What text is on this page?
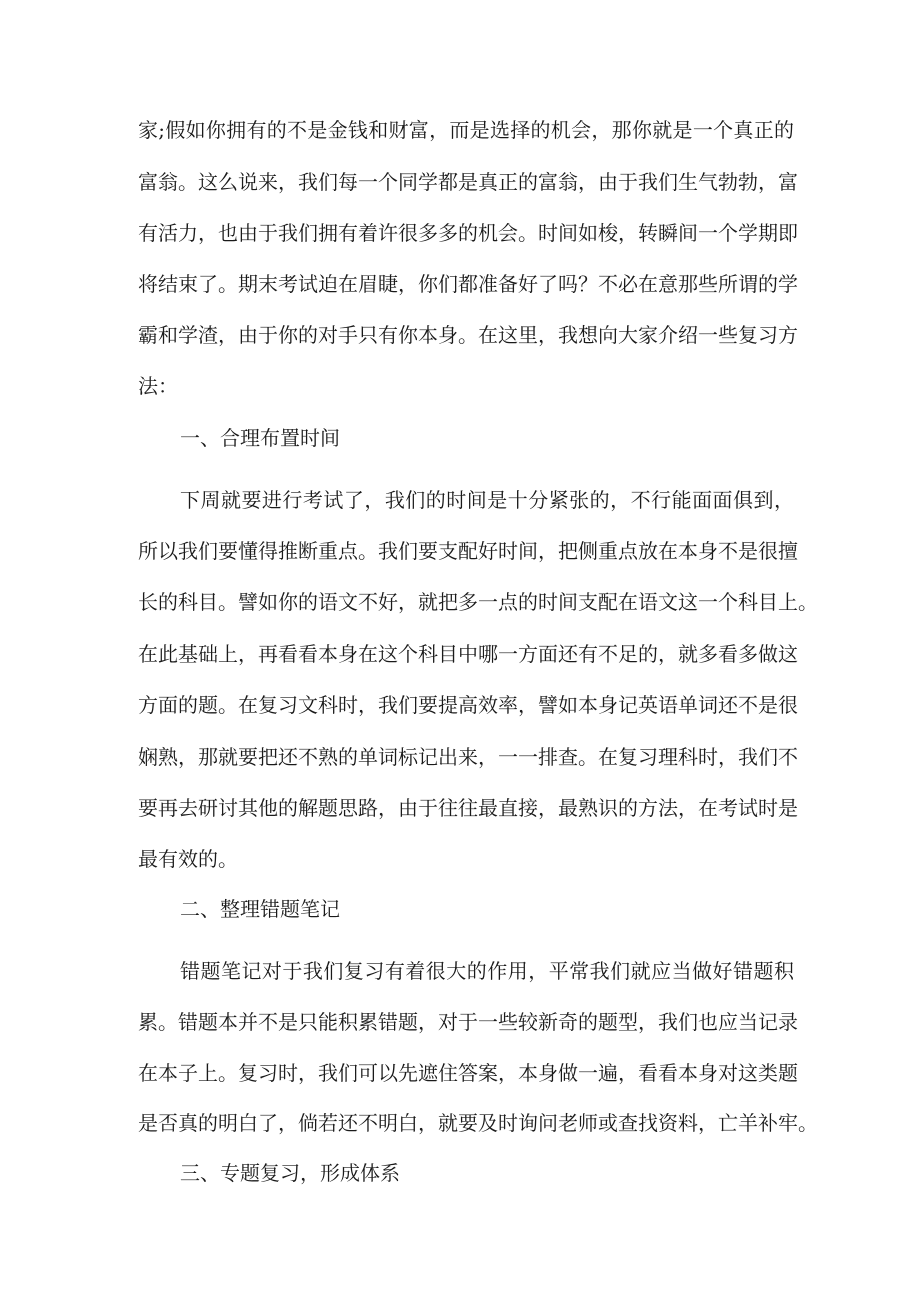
家;假如你拥有的不是金钱和财富，而是选择的机会，那你就是一个真正的

富翁。这么说来，我们每一个同学都是真正的富翁，由于我们生气勃勃，富

有活力，也由于我们拥有着许很多多的机会。时间如梭，转瞬间一个学期即

将结束了。期末考试迫在眉睫，你们都准备好了吗？不必在意那些所谓的学

霸和学渣，由于你的对手只有你本身。在这里，我想向大家介绍一些复习方

法：

一、合理布置时间

下周就要进行考试了，我们的时间是十分紧张的，不行能面面俱到，

所以我们要懂得推断重点。我们要支配好时间，把侧重点放在本身不是很擅

长的科目。譬如你的语文不好，就把多一点的时间支配在语文这一个科目上。

在此基础上，再看看本身在这个科目中哪一方面还有不足的，就多看多做这

方面的题。在复习文科时，我们要提高效率，譬如本身记英语单词还不是很

娴熟，那就要把还不熟的单词标记出来，一一排查。在复习理科时，我们不

要再去研讨其他的解题思路，由于往往最直接，最熟识的方法，在考试时是

最有效的。

二、整理错题笔记

错题笔记对于我们复习有着很大的作用，平常我们就应当做好错题积

累。错题本并不是只能积累错题，对于一些较新奇的题型，我们也应当记录

在本子上。复习时，我们可以先遮住答案，本身做一遍，看看本身对这类题

是否真的明白了，倘若还不明白，就要及时询问老师或查找资料，亡羊补牢。

三、专题复习，形成体系
